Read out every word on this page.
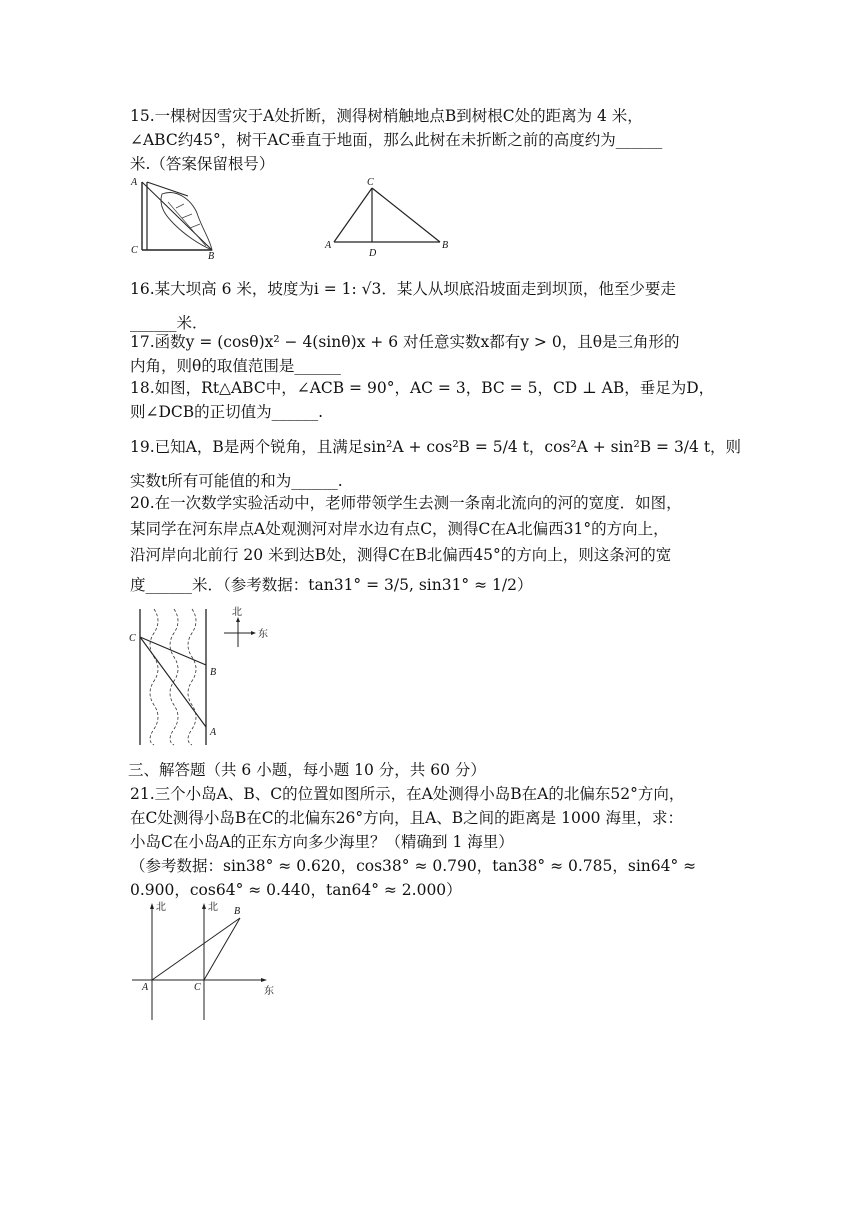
15.一棵树因雪灾于A处折断，测得树梢触地点B到树根C处的距离为 4 米，
∠ABC约45°，树干AC垂直于地面，那么此树在未折断之前的高度约为______
米.（答案保留根号）
A
C
B
C
A
D
B
16.某大坝高 6 米，坡度为i = 1: √3．某人从坝底沿坡面走到坝顶，他至少要走
______米．
17.函数y = (cosθ)x² − 4(sinθ)x + 6 对任意实数x都有y > 0，且θ是三角形的
内角，则θ的取值范围是______
18.如图，Rt△ABC中，∠ACB = 90°，AC = 3，BC = 5，CD ⊥ AB，垂足为D，
则∠DCB的正切值为______.
19.已知A，B是两个锐角，且满足sin²A + cos²B = 5/4 t，cos²A + sin²B = 3/4 t，则
实数t所有可能值的和为______.
20.在一次数学实验活动中，老师带领学生去测一条南北流向的河的宽度．如图，
某同学在河东岸点A处观测河对岸水边有点C，测得C在A北偏西31°的方向上，
沿河岸向北前行 20 米到达B处，测得C在B北偏西45°的方向上，则这条河的宽
度______米．（参考数据：tan31° = 3/5, sin31° ≈ 1/2）
C
B
A
北
东
三、解答题（共 6 小题，每小题 10 分，共 60 分）
21.三个小岛A、B、C的位置如图所示，在A处测得小岛B在A的北偏东52°方向，
在C处测得小岛B在C的北偏东26°方向，且A、B之间的距离是 1000 海里，求：
小岛C在小岛A的正东方向多少海里？（精确到 1 海里）
（参考数据：sin38° ≈ 0.620，cos38° ≈ 0.790，tan38° ≈ 0.785，sin64° ≈
0.900，cos64° ≈ 0.440，tan64° ≈ 2.000）
北	北
东
A	C
B
